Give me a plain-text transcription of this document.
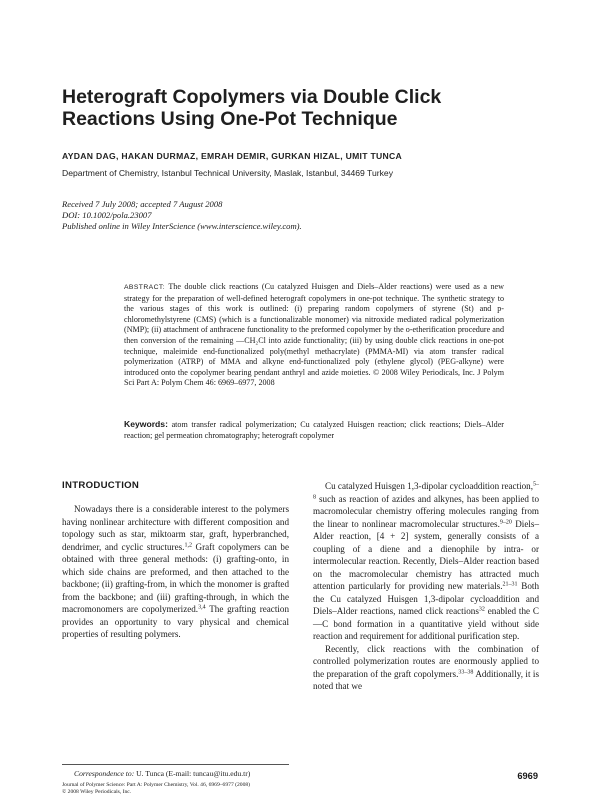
Heterograft Copolymers via Double Click Reactions Using One-Pot Technique
AYDAN DAG, HAKAN DURMAZ, EMRAH DEMIR, GURKAN HIZAL, UMIT TUNCA
Department of Chemistry, Istanbul Technical University, Maslak, Istanbul, 34469 Turkey
Received 7 July 2008; accepted 7 August 2008
DOI: 10.1002/pola.23007
Published online in Wiley InterScience (www.interscience.wiley.com).

ABSTRACT: The double click reactions (Cu catalyzed Huisgen and Diels–Alder reactions) were used as a new strategy for the preparation of well-defined heterograft copolymers in one-pot technique. The synthetic strategy to the various stages of this work is outlined: (i) preparing random copolymers of styrene (St) and p-chloromethylstyrene (CMS) (which is a functionalizable monomer) via nitroxide mediated radical polymerization (NMP); (ii) attachment of anthracene functionality to the preformed copolymer by the o-etherification procedure and then conversion of the remaining —CH₂Cl into azide functionality; (iii) by using double click reactions in one-pot technique, maleimide end-functionalized poly(methyl methacrylate) (PMMA-MI) via atom transfer radical polymerization (ATRP) of MMA and alkyne end-functionalized poly (ethylene glycol) (PEG-alkyne) were introduced onto the copolymer bearing pendant anthryl and azide moieties. © 2008 Wiley Periodicals, Inc. J Polym Sci Part A: Polym Chem 46: 6969–6977, 2008

Keywords: atom transfer radical polymerization; Cu catalyzed Huisgen reaction; click reactions; Diels–Alder reaction; gel permeation chromatography; heterograft copolymer

INTRODUCTION

Nowadays there is a considerable interest to the polymers having nonlinear architecture with different composition and topology such as star, miktoarm star, graft, hyperbranched, dendrimer, and cyclic structures.$^{1,2}$ Graft copolymers can be obtained with three general methods: (i) grafting-onto, in which side chains are preformed, and then attached to the backbone; (ii) grafting-from, in which the monomer is grafted from the backbone; and (iii) grafting-through, in which the macromonomers are copolymerized.$^{3,4}$ The grafting reaction provides an opportunity to vary physical and chemical properties of resulting polymers.

Cu catalyzed Huisgen 1,3-dipolar cycloaddition reaction,$^{5-8}$ such as reaction of azides and alkynes, has been applied to macromolecular chemistry offering molecules ranging from the linear to nonlinear macromolecular structures.$^{9-20}$ Diels–Alder reaction, [4 + 2] system, generally consists of a coupling of a diene and a dienophile by intra- or intermolecular reaction. Recently, Diels–Alder reaction based on the macromolecular chemistry has attracted much attention particularly for providing new materials.$^{21-31}$ Both the Cu catalyzed Huisgen 1,3-dipolar cycloaddition and Diels–Alder reactions, named click reactions$^{32}$ enabled the C—C bond formation in a quantitative yield without side reaction and requirement for additional purification step.

Recently, click reactions with the combination of controlled polymerization routes are enormously applied to the preparation of the graft copolymers.$^{33-38}$ Additionally, it is noted that we

Correspondence to: U. Tunca (E-mail: tuncau@itu.edu.tr)
Journal of Polymer Science: Part A: Polymer Chemistry, Vol. 46, 6969–6977 (2008)
© 2008 Wiley Periodicals, Inc.
6969
